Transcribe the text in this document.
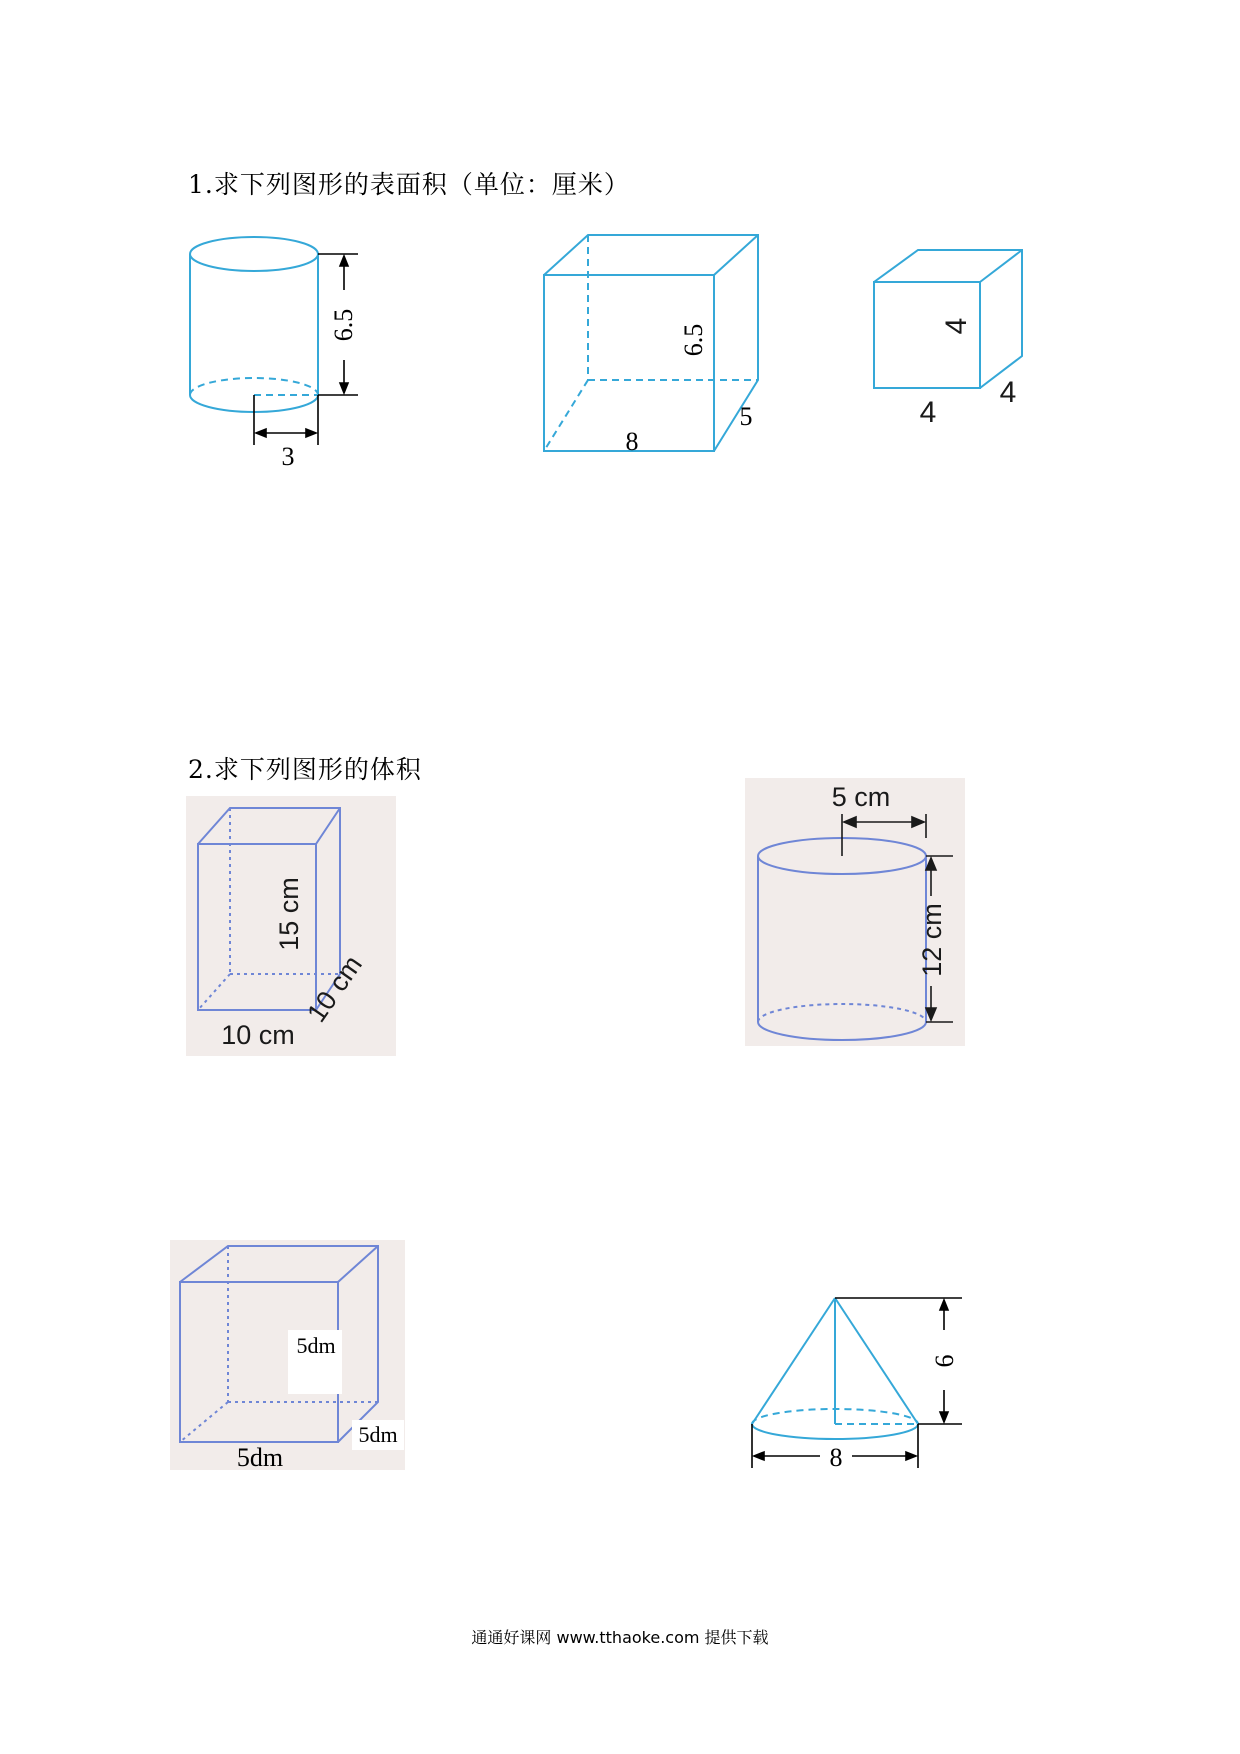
1.求下列图形的表面积（单位：厘米）
6.5
3
6.5
8
5
4
4
4
2.求下列图形的体积
15 cm
10 cm
10 cm
5 cm
12 cm
5dm
5dm
5dm
6
8
通通好课网 www.tthaoke.com 提供下载
